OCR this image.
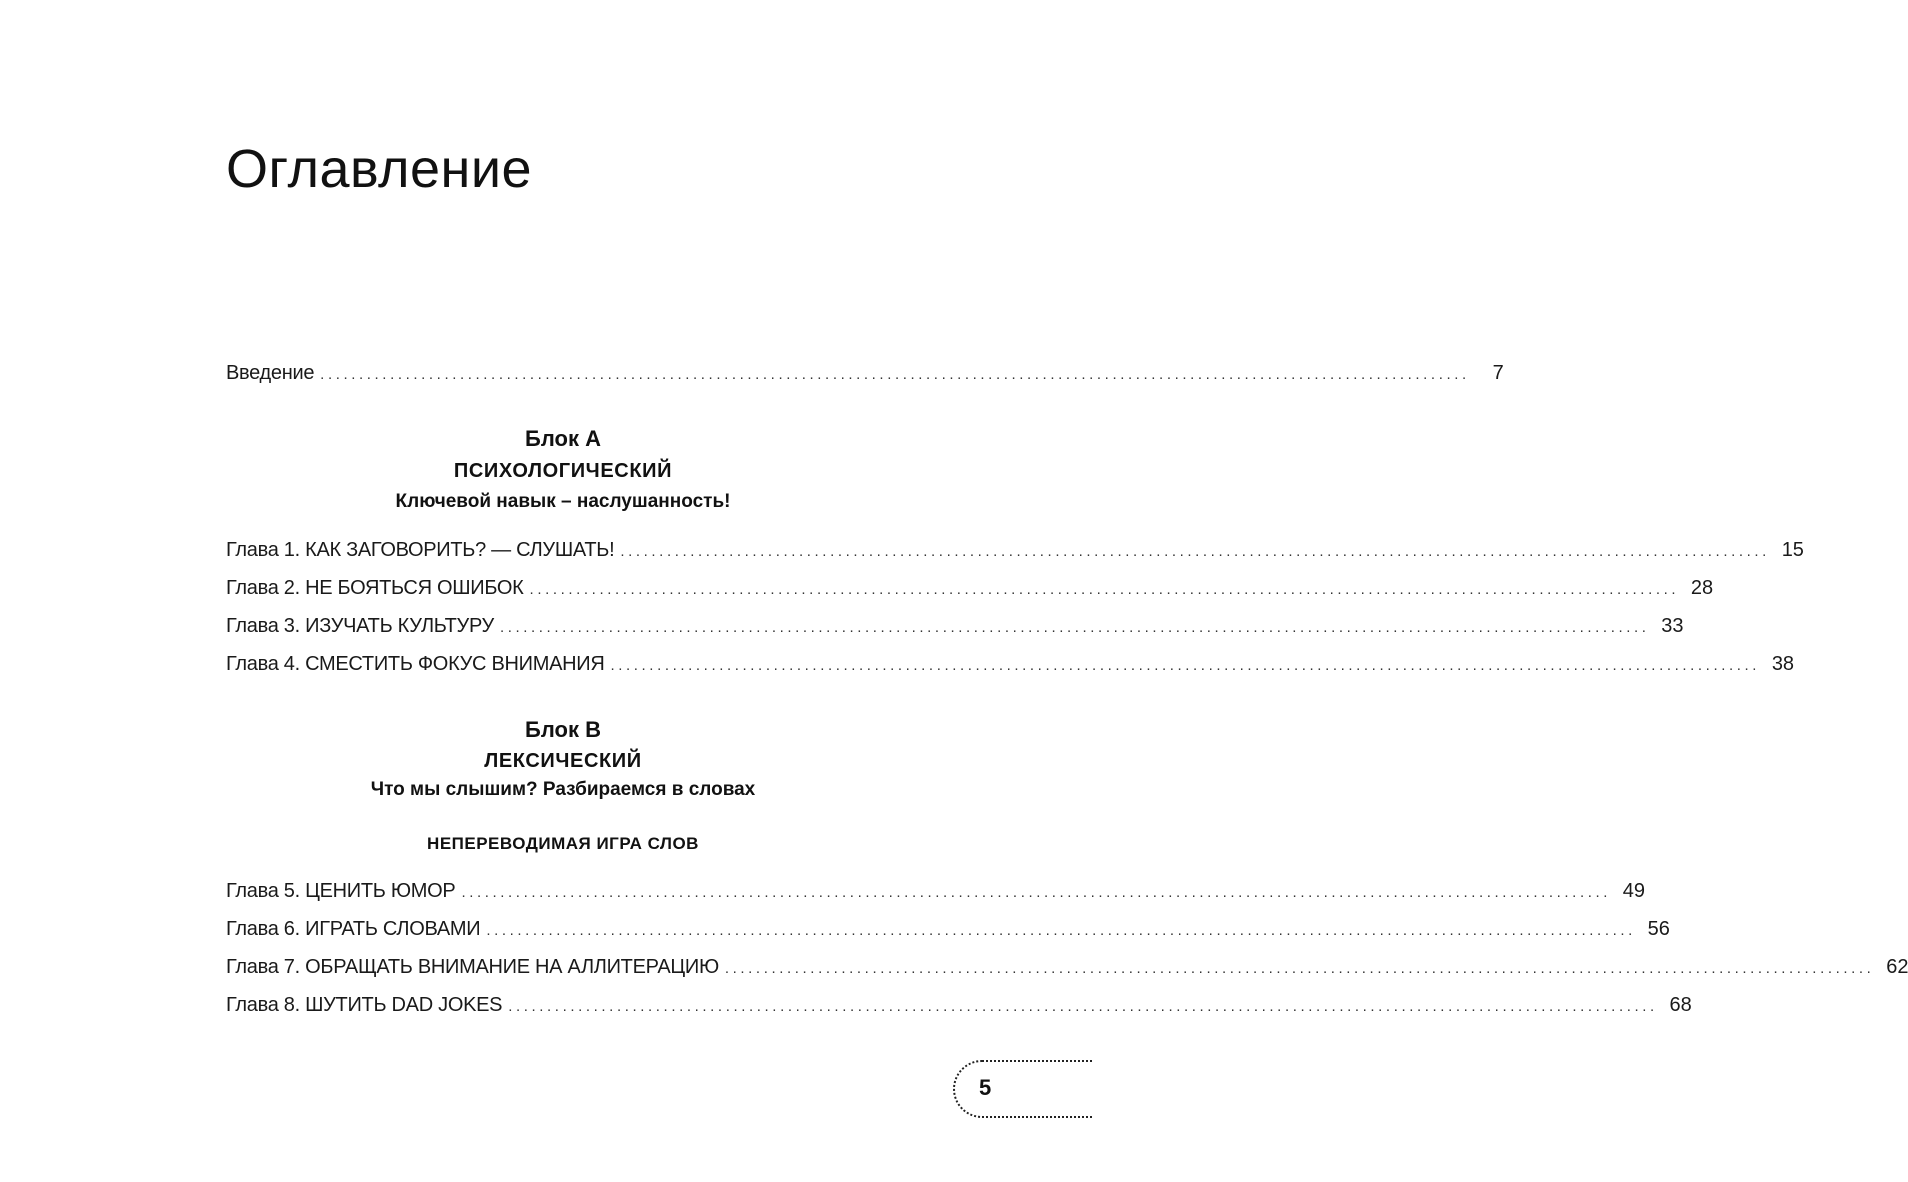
Оглавление
Введение ....................................................................................................................................................	7

Блок А

ПСИХОЛОГИЧЕСКИЙ

Ключевой навык – наслушанность!

Глава 1. КАК ЗАГОВОРИТЬ? — СЛУШАТЬ! .................................................................................................................................................... 15
Глава 2. НЕ БОЯТЬСЯ ОШИБОК .................................................................................................................................................... 28
Глава 3. ИЗУЧАТЬ КУЛЬТУРУ .................................................................................................................................................... 33
Глава 4. СМЕСТИТЬ ФОКУС ВНИМАНИЯ .................................................................................................................................................... 38

Блок B

ЛЕКСИЧЕСКИЙ

Что мы слышим? Разбираемся в словах

НЕПЕРЕВОДИМАЯ ИГРА СЛОВ

Глава 5. ЦЕНИТЬ ЮМОР .................................................................................................................................................... 49
Глава 6. ИГРАТЬ СЛОВАМИ .................................................................................................................................................... 56
Глава 7. ОБРАЩАТЬ ВНИМАНИЕ НА АЛЛИТЕРАЦИЮ .................................................................................................................................................... 62
Глава 8. ШУТИТЬ DAD JOKES .................................................................................................................................................... 68
5
